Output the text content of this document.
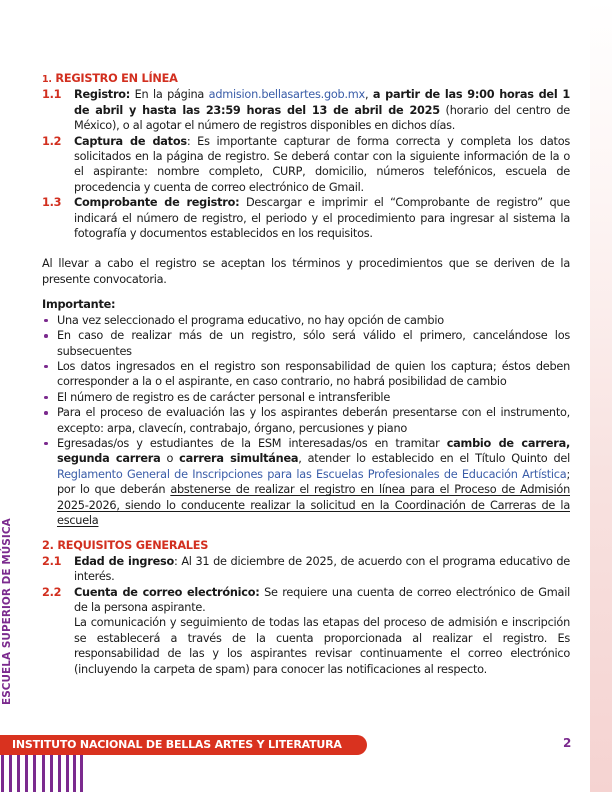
ESCUELA SUPERIOR DE MÚSICA
1. REGISTRO EN LÍNEA
1.1 Registro: En la página admision.bellasartes.gob.mx, a partir de las 9:00 horas del 1 de abril y hasta las 23:59 horas del 13 de abril de 2025 (horario del centro de México), o al agotar el número de registros disponibles en dichos días.
1.2 Captura de datos: Es importante capturar de forma correcta y completa los datos solicitados en la página de registro. Se deberá contar con la siguiente información de la o el aspirante: nombre completo, CURP, domicilio, números telefónicos, escuela de procedencia y cuenta de correo electrónico de Gmail.
1.3 Comprobante de registro: Descargar e imprimir el “Comprobante de registro” que indicará el número de registro, el periodo y el procedimiento para ingresar al sistema la fotografía y documentos establecidos en los requisitos.
Al llevar a cabo el registro se aceptan los términos y procedimientos que se deriven de la presente convocatoria.
Importante:
Una vez seleccionado el programa educativo, no hay opción de cambio
En caso de realizar más de un registro, sólo será válido el primero, cancelándose los subsecuentes
Los datos ingresados en el registro son responsabilidad de quien los captura; éstos deben corresponder a la o el aspirante, en caso contrario, no habrá posibilidad de cambio
El número de registro es de carácter personal e intransferible
Para el proceso de evaluación las y los aspirantes deberán presentarse con el instrumento, excepto: arpa, clavecín, contrabajo, órgano, percusiones y piano
Egresadas/os y estudiantes de la ESM interesadas/os en tramitar cambio de carrera, segunda carrera o carrera simultánea, atender lo establecido en el Título Quinto del Reglamento General de Inscripciones para las Escuelas Profesionales de Educación Artística; por lo que deberán abstenerse de realizar el registro en línea para el Proceso de Admisión 2025-2026, siendo lo conducente realizar la solicitud en la Coordinación de Carreras de la escuela
2. REQUISITOS GENERALES
2.1 Edad de ingreso: Al 31 de diciembre de 2025, de acuerdo con el programa educativo de interés.
2.2 Cuenta de correo electrónico: Se requiere una cuenta de correo electrónico de Gmail de la persona aspirante.
La comunicación y seguimiento de todas las etapas del proceso de admisión e inscripción se establecerá a través de la cuenta proporcionada al realizar el registro. Es responsabilidad de las y los aspirantes revisar continuamente el correo electrónico (incluyendo la carpeta de spam) para conocer las notificaciones al respecto.
INSTITUTO NACIONAL DE BELLAS ARTES Y LITERATURA	2
